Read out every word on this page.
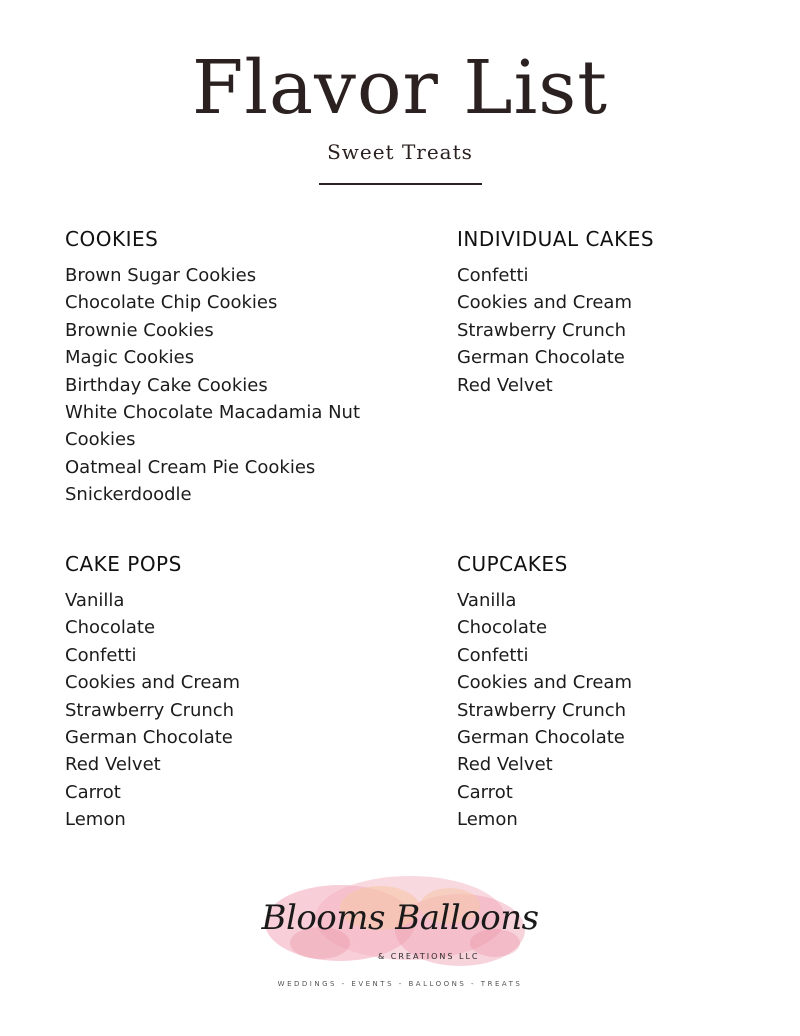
Flavor List
Sweet Treats
COOKIES
Brown Sugar Cookies
Chocolate Chip Cookies
Brownie Cookies
Magic Cookies
Birthday Cake Cookies
White Chocolate Macadamia Nut Cookies
Oatmeal Cream Pie Cookies
Snickerdoodle
INDIVIDUAL CAKES
Confetti
Cookies and Cream
Strawberry Crunch
German Chocolate
Red Velvet
CAKE POPS
Vanilla
Chocolate
Confetti
Cookies and Cream
Strawberry Crunch
German Chocolate
Red Velvet
Carrot
Lemon
CUPCAKES
Vanilla
Chocolate
Confetti
Cookies and Cream
Strawberry Crunch
German Chocolate
Red Velvet
Carrot
Lemon
Blooms Balloons
& CREATIONS LLC
WEDDINGS - EVENTS - BALLOONS - TREATS
